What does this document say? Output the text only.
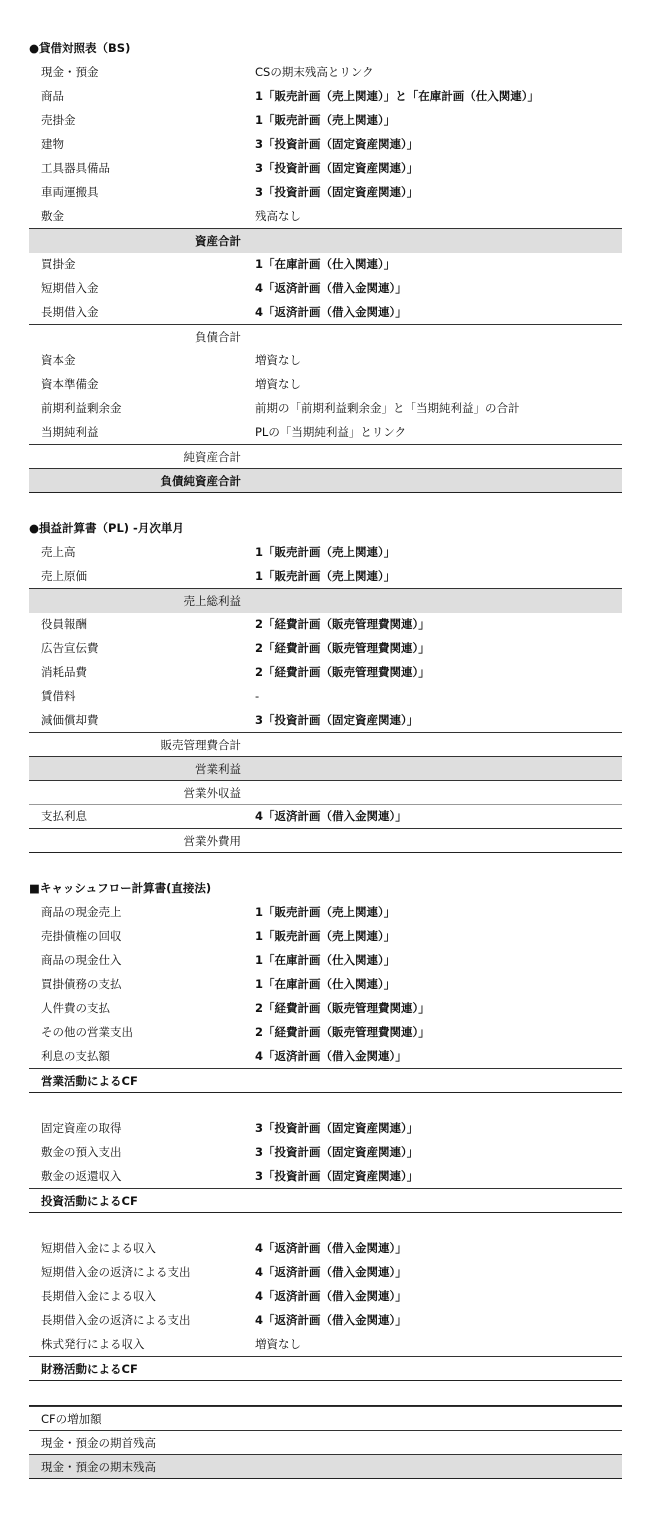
●貸借対照表（BS)
現金・預金	CSの期末残高とリンク
商品	1「販売計画（売上関連）」と「在庫計画（仕入関連）」
売掛金	1「販売計画（売上関連）」
建物	3「投資計画（固定資産関連）」
工具器具備品	3「投資計画（固定資産関連）」
車両運搬具	3「投資計画（固定資産関連）」
敷金	残高なし
資産合計
買掛金	1「在庫計画（仕入関連）」
短期借入金	4「返済計画（借入金関連）」
長期借入金	4「返済計画（借入金関連）」
負債合計
資本金	増資なし
資本準備金	増資なし
前期利益剰余金	前期の「前期利益剰余金」と「当期純利益」の合計
当期純利益	PLの「当期純利益」とリンク
純資産合計
負債純資産合計
●損益計算書（PL) -月次単月
売上高	1「販売計画（売上関連）」
売上原価	1「販売計画（売上関連）」
売上総利益
役員報酬	2「経費計画（販売管理費関連）」
広告宣伝費	2「経費計画（販売管理費関連）」
消耗品費	2「経費計画（販売管理費関連）」
賃借料	-
減価償却費	3「投資計画（固定資産関連）」
販売管理費合計
営業利益
営業外収益
支払利息	4「返済計画（借入金関連）」
営業外費用
■キャッシュフロー計算書(直接法)
商品の現金売上	1「販売計画（売上関連）」
売掛債権の回収	1「販売計画（売上関連）」
商品の現金仕入	1「在庫計画（仕入関連）」
買掛債務の支払	1「在庫計画（仕入関連）」
人件費の支払	2「経費計画（販売管理費関連）」
その他の営業支出	2「経費計画（販売管理費関連）」
利息の支払額	4「返済計画（借入金関連）」
営業活動によるCF
固定資産の取得	3「投資計画（固定資産関連）」
敷金の預入支出	3「投資計画（固定資産関連）」
敷金の返還収入	3「投資計画（固定資産関連）」
投資活動によるCF
短期借入金による収入	4「返済計画（借入金関連）」
短期借入金の返済による支出	4「返済計画（借入金関連）」
長期借入金による収入	4「返済計画（借入金関連）」
長期借入金の返済による支出	4「返済計画（借入金関連）」
株式発行による収入	増資なし
財務活動によるCF
CFの増加額
現金・預金の期首残高
現金・預金の期末残高
